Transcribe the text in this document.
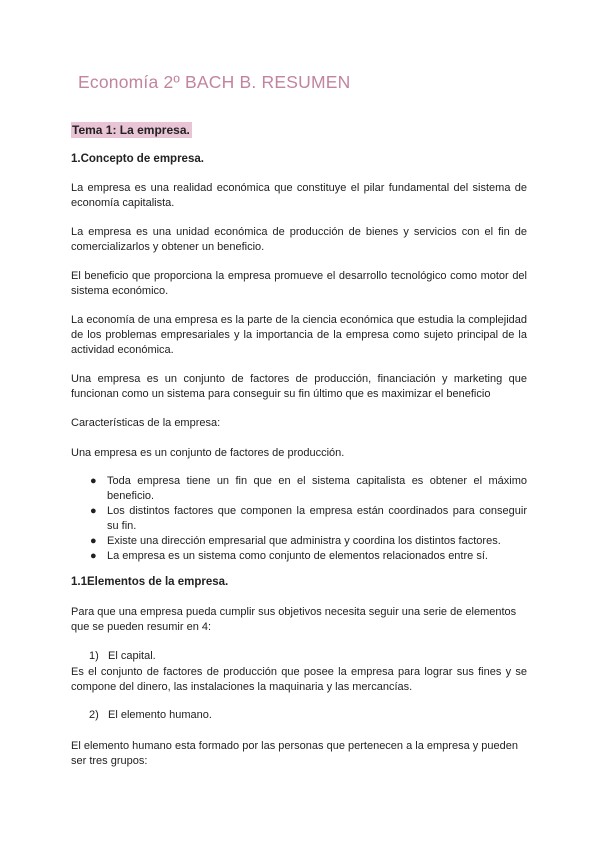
Economía 2º BACH B. RESUMEN
Tema 1: La empresa.
1.Concepto de empresa.
La empresa es una realidad económica que constituye el pilar fundamental del sistema de economía capitalista.
La empresa es una unidad económica de producción de bienes y servicios con el fin de comercializarlos y obtener un beneficio.
El beneficio que proporciona la empresa promueve el desarrollo tecnológico como motor del sistema económico.
La economía de una empresa es la parte de la ciencia económica que estudia la complejidad de los problemas empresariales y la importancia de la empresa como sujeto principal de la actividad económica.
Una empresa es un conjunto de factores de producción, financiación y marketing que funcionan como un sistema para conseguir su fin último que es maximizar el beneficio
Características de la empresa:
Una empresa es un conjunto de factores de producción.
● Toda empresa tiene un fin que en el sistema capitalista es obtener el máximo beneficio.
● Los distintos factores que componen la empresa están coordinados para conseguir su fin.
● Existe una dirección empresarial que administra y coordina los distintos factores.
● La empresa es un sistema como conjunto de elementos relacionados entre sí.
1.1Elementos de la empresa.
Para que una empresa pueda cumplir sus objetivos necesita seguir una serie de elementos que se pueden resumir en 4:
1) El capital.
Es el conjunto de factores de producción que posee la empresa para lograr sus fines y se compone del dinero, las instalaciones la maquinaria y las mercancías.
2) El elemento humano.
El elemento humano esta formado por las personas que pertenecen a la empresa y pueden ser tres grupos:
